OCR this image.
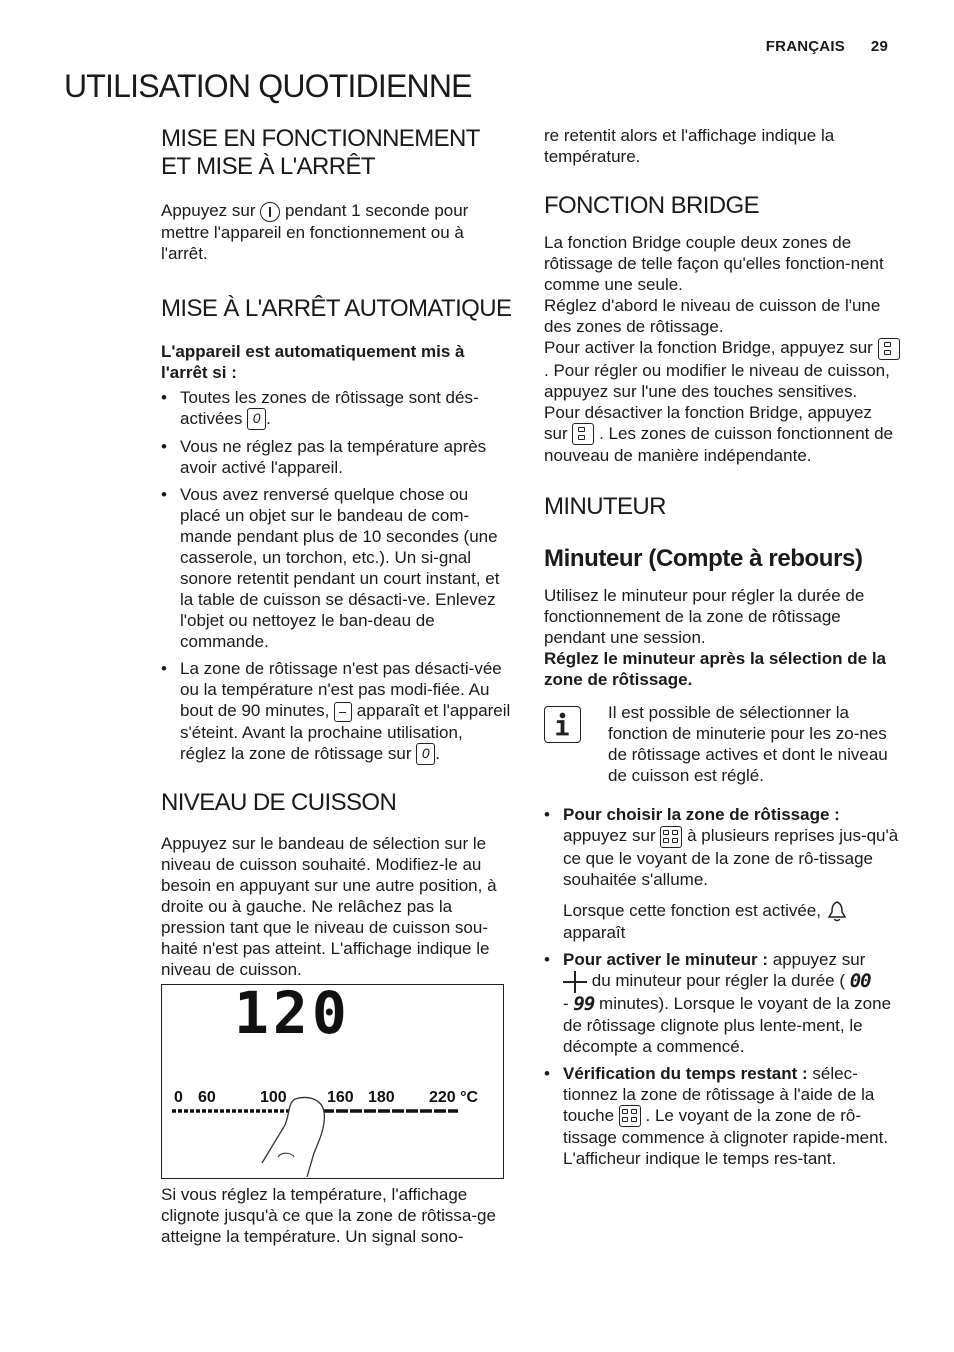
FRANÇAIS 29
UTILISATION QUOTIDIENNE
MISE EN FONCTIONNEMENT ET MISE À L'ARRÊT

Appuyez sur pendant 1 seconde pour mettre l'appareil en fonctionnement ou à l'arrêt.

MISE À L'ARRÊT AUTOMATIQUE

L'appareil est automatiquement mis à l'arrêt si :

• Toutes les zones de rôtissage sont dés-activées 0 .
• Vous ne réglez pas la température après avoir activé l'appareil.
• Vous avez renversé quelque chose ou placé un objet sur le bandeau de com-mande pendant plus de 10 secondes (une casserole, un torchon, etc.). Un si-gnal sonore retentit pendant un court instant, et la table de cuisson se désacti-ve. Enlevez l'objet ou nettoyez le ban-deau de commande.
• La zone de rôtissage n'est pas désacti-vée ou la température n'est pas modi-fiée. Au bout de 90 minutes, apparaît et l'appareil s'éteint. Avant la prochaine utilisation, réglez la zone de rôtissage sur 0 .
NIVEAU DE CUISSON

Appuyez sur le bandeau de sélection sur le niveau de cuisson souhaité. Modifiez-le au besoin en appuyant sur une autre position, à droite ou à gauche. Ne relâchez pas la pression tant que le niveau de cuisson sou-haité n'est pas atteint. L'affichage indique le niveau de cuisson.

120
0 60	100	160 180 220 °C

Si vous réglez la température, l'affichage clignote jusqu'à ce que la zone de rôtissa-ge atteigne la température. Un signal sono-

re retentit alors et l'affichage indique la température.

FONCTION BRIDGE

La fonction Bridge couple deux zones de rôtissage de telle façon qu'elles fonction-nent comme une seule.

Réglez d'abord le niveau de cuisson de l'une des zones de rôtissage.

Pour activer la fonction Bridge, appuyez sur
. Pour régler ou modifier le niveau de cuisson, appuyez sur l'une des touches sensitives.

Pour désactiver la fonction Bridge, appuyez sur . Les zones de cuisson fonctionnent de nouveau de manière indépendante.

MINUTEUR
Minuteur (Compte à rebours)

Utilisez le minuteur pour régler la durée de fonctionnement de la zone de rôtissage pendant une session.

Réglez le minuteur après la sélection de la zone de rôtissage.

Il est possible de sélectionner la fonction de minuterie pour les zo-nes de rôtissage actives et dont le niveau de cuisson est réglé.

• Pour choisir la zone de rôtissage :
appuyez sur à plusieurs reprises jus-qu'à ce que le voyant de la zone de rô-tissage souhaitée s'allume.

Lorsque cette fonction est activée,  apparaît

• Pour activer le minuteur : appuyez sur
du minuteur pour régler la durée ( 00
- 99 minutes). Lorsque le voyant de la zone de rôtissage clignote plus lente-ment, le décompte a commencé.
• Vérification du temps restant : sélec-tionnez la zone de rôtissage à l'aide de la touche . Le voyant de la zone de rô-tissage commence à clignoter rapide-ment. L'afficheur indique le temps res-tant.
